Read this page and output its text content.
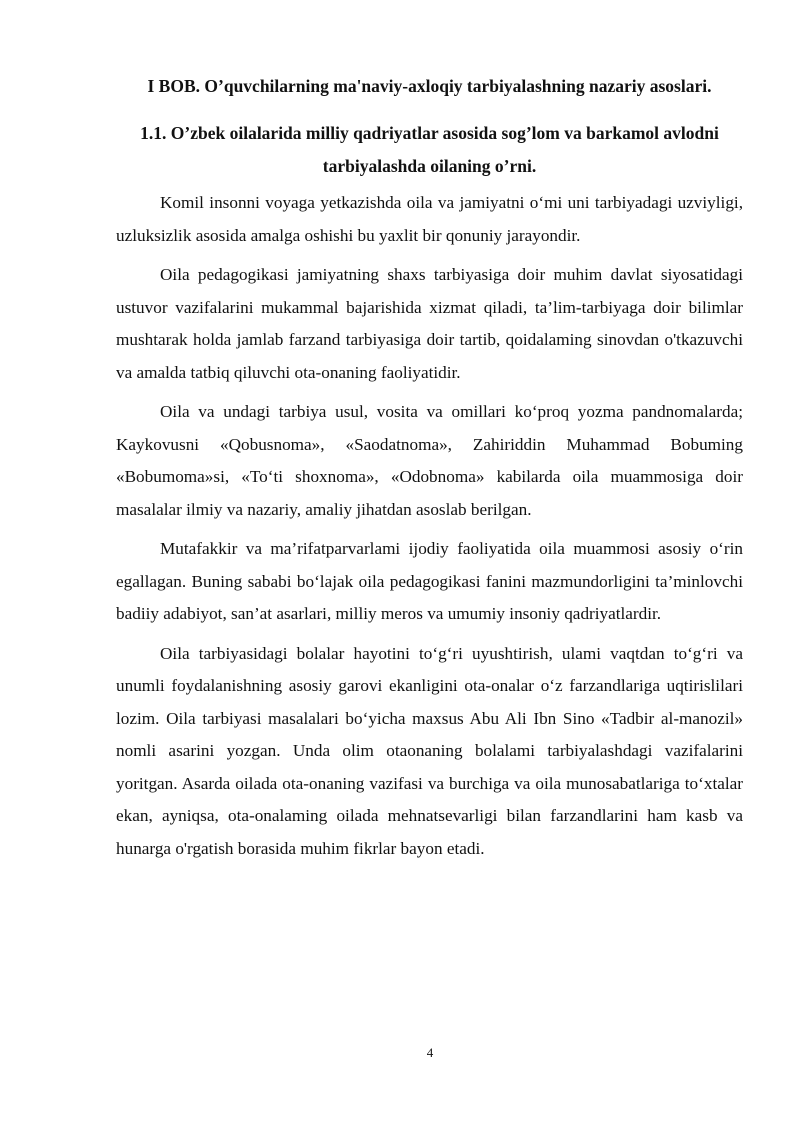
I BOB. O’quvchilarning ma'naviy-axloqiy tarbiyalashning nazariy asoslari.
1.1. O’zbek oilalarida milliy qadriyatlar asosida sog’lom va barkamol avlodni tarbiyalashda oilaning o’rni.

Komil insonni voyaga yetkazishda oila va jamiyatni o‘mi uni tarbiyadagi uzviyligi, uzluksizlik asosida amalga oshishi bu yaxlit bir qonuniy jarayondir.

Oila pedagogikasi jamiyatning shaxs tarbiyasiga doir muhim davlat siyosatidagi ustuvor vazifalarini mukammal bajarishida xizmat qiladi, ta’lim-tarbiyaga doir bilimlar mushtarak holda jamlab farzand tarbiyasiga doir tartib, qoidalaming sinovdan o'tkazuvchi va amalda tatbiq qiluvchi ota-onaning faoliyatidir.

Oila va undagi tarbiya usul, vosita va omillari ko‘proq yozma pandnomalarda; Kaykovusni «Qobusnoma», «Saodatnoma», Zahiriddin Muhammad Bobuming «Bobumoma»si, «To‘ti shoxnoma», «Odobnoma» kabilarda oila muammosiga doir masalalar ilmiy va nazariy, amaliy jihatdan asoslab berilgan.

Mutafakkir va ma’rifatparvarlami ijodiy faoliyatida oila muammosi asosiy o‘rin egallagan. Buning sababi bo‘lajak oila pedagogikasi fanini mazmundorligini ta’minlovchi badiiy adabiyot, san’at asarlari, milliy meros va umumiy insoniy qadriyatlardir.

Oila tarbiyasidagi bolalar hayotini to‘g‘ri uyushtirish, ulami vaqtdan to‘g‘ri va unumli foydalanishning asosiy garovi ekanligini ota-onalar o‘z farzandlariga uqtirislilari lozim. Oila tarbiyasi masalalari bo‘yicha maxsus Abu Ali Ibn Sino «Tadbir al-manozil» nomli asarini yozgan. Unda olim otaonaning bolalami tarbiyalashdagi vazifalarini yoritgan. Asarda oilada ota-onaning vazifasi va burchiga va oila munosabatlariga to‘xtalar ekan, ayniqsa, ota-onalaming oilada mehnatsevarligi bilan farzandlarini ham kasb va hunarga o'rgatish borasida muhim fikrlar bayon etadi.

4
